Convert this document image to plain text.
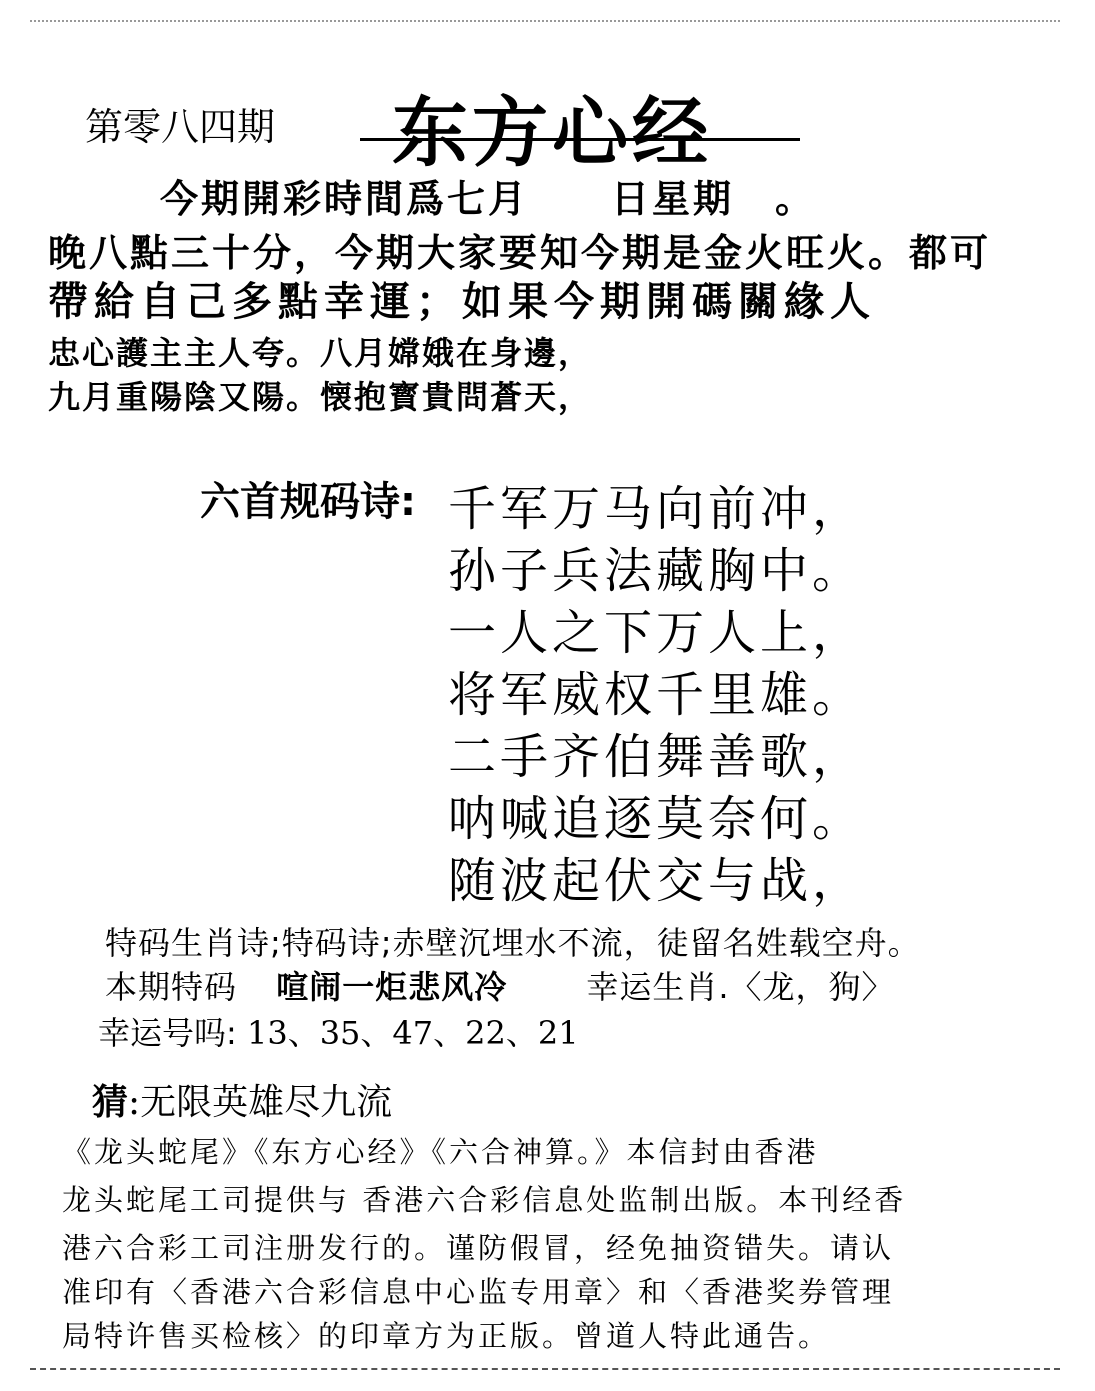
第零八四期 东方心经
今期開彩時間爲七月　　日星期　。
晚八點三十分，今期大家要知今期是金火旺火。都可
帶給自己多點幸運；如果今期開碼關緣人
忠心護主主人夸。八月嫦娥在身邊，
九月重陽陰又陽。懐抱寳貴問蒼天，
六首规码诗: 千军万马向前冲，
孙子兵法藏胸中。
一人之下万人上，
将军威权千里雄。
二手齐伯舞善歌，
呐喊追逐莫奈何。
随波起伏交与战，
特码生肖诗;特码诗;赤壁沉埋水不流，徒留名姓载空舟。
本期特码 喧闹一炬悲风冷 幸运生肖.〈龙，狗〉
幸运号吗: 13、35、47、22、21
猜:无限英雄尽九流
《龙头蛇尾》《东方心经》《六合神算。》本信封由香港
龙头蛇尾工司提供与 香港六合彩信息处监制出版。本刊经香
港六合彩工司注册发行的。谨防假冒，经免抽资错失。请认
准印有〈香港六合彩信息中心监专用章〉和〈香港奖券管理
局特许售买检核〉的印章方为正版。曾道人特此通告。
